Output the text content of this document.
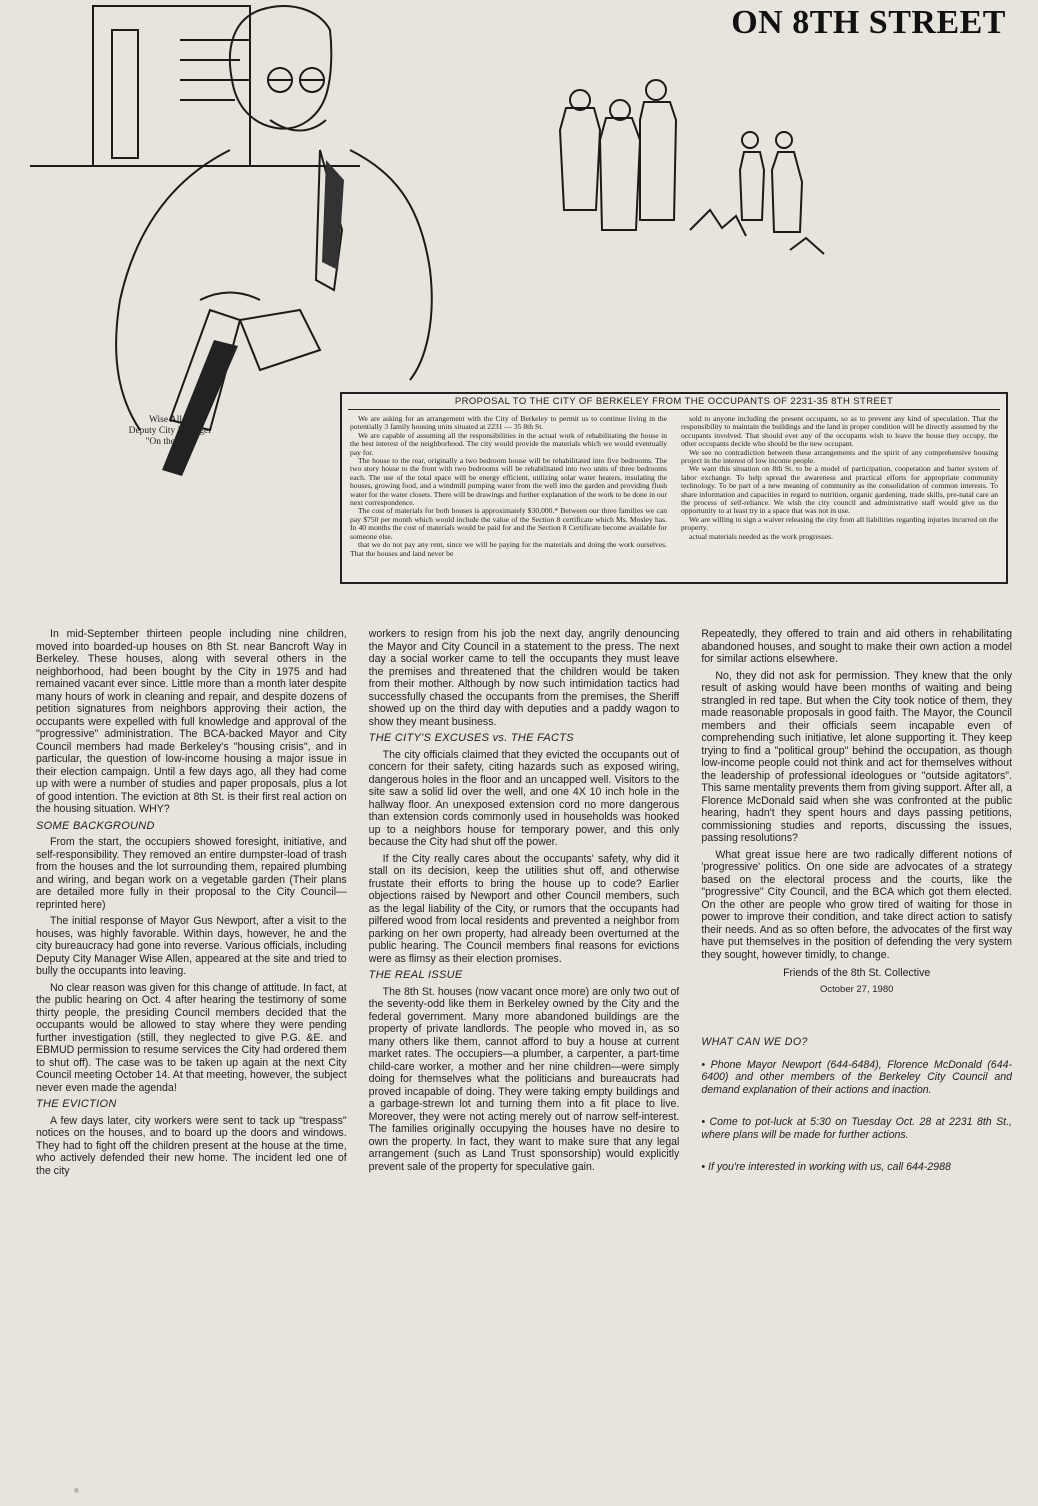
ON 8TH STREET
Wise Allen
Deputy City Manager
"On the Job"
PROPOSAL TO THE CITY OF BERKELEY FROM THE OCCUPANTS OF 2231-35 8TH STREET

We are asking for an arrangement with the City of Berkeley to permit us to continue living in the potentially 3 family housing units situated at 2231 — 35 8th St.

We are capable of assuming all the responsibilities in the actual work of rehabilitating the house in the best interest of the neighborhood. The city would provide the materials which we would eventually pay for.

The house to the rear, originally a two bedroom house will be rehabilitated into five bedrooms. The two story house to the front with two bedrooms will be rehabilitated into two units of three bedrooms each. The use of the total space will be energy efficient, utilizing solar water heaters, insulating the houses, growing food, and a windmill pumping water from the well into the garden and providing flush water for the water closets. There will be drawings and further explanation of the work to be done in our next correspondence.

The cost of materials for both houses is approximately $30,000.* Between our three families we can pay $750 per month which would include the value of the Section 8 certificate which Ms. Mosley has. In 40 months the cost of materials would be paid for and the Section 8 Certificate become available for someone else.

that we do not pay any rent, since we will be paying for the materials and doing the work ourselves. That the houses and land never be

sold to anyone including the present occupants, so as to prevent any kind of speculation. That the responsibility to maintain the buildings and the land in proper condition will be directly assumed by the occupants involved. That should ever any of the occupants wish to leave the house they occupy, the other occupants decide who should be the new occupant.

We see no contradiction between these arrangements and the spirit of any comprehensive housing project in the interest of low income people.

We want this situation on 8th St. to be a model of participation, cooperation and barter system of labor exchange. To help spread the awareness and practical efforts for appropriate community technology. To be part of a new meaning of community as the consolidation of common interests. To share information and capacities in regard to nutrition, organic gardening, trade skills, pre-natal care an the process of self-reliance. We wish the city council and administrative staff would give us the opportunity to at least try in a space that was not in use.

We are willing to sign a waiver releasing the city from all liabilities regarding injuries incurred on the property.

actual materials needed as the work progresses.

In mid-September thirteen people including nine children, moved into boarded-up houses on 8th St. near Bancroft Way in Berkeley. These houses, along with several others in the neighborhood, had been bought by the City in 1975 and had remained vacant ever since. Little more than a month later despite many hours of work in cleaning and repair, and despite dozens of petition signatures from neighbors approving their action, the occupants were expelled with full knowledge and approval of the "progressive" administration. The BCA-backed Mayor and City Council members had made Berkeley's "housing crisis", and in particular, the question of low-income housing a major issue in their election campaign. Until a few days ago, all they had come up with were a number of studies and paper proposals, plus a lot of good intention. The eviction at 8th St. is their first real action on the housing situation. WHY?

SOME BACKGROUND

From the start, the occupiers showed foresight, initiative, and self-responsibility. They removed an entire dumpster-load of trash from the houses and the lot surrounding them, repaired plumbing and wiring, and began work on a vegetable garden (Their plans are detailed more fully in their proposal to the City Council—reprinted here)

The initial response of Mayor Gus Newport, after a visit to the houses, was highly favorable. Within days, however, he and the city bureaucracy had gone into reverse. Various officials, including Deputy City Manager Wise Allen, appeared at the site and tried to bully the occupants into leaving.

No clear reason was given for this change of attitude. In fact, at the public hearing on Oct. 4 after hearing the testimony of some thirty people, the presiding Council members decided that the occupants would be allowed to stay where they were pending further investigation (still, they neglected to give P.G. &E. and EBMUD permission to resume services the City had ordered them to shut off). The case was to be taken up again at the next City Council meeting October 14. At that meeting, however, the subject never even made the agenda!

THE EVICTION

A few days later, city workers were sent to tack up "trespass" notices on the houses, and to board up the doors and windows. They had to fight off the children present at the house at the time, who actively defended their new home. The incident led one of the city

workers to resign from his job the next day, angrily denouncing the Mayor and City Council in a statement to the press. The next day a social worker came to tell the occupants they must leave the premises and threatened that the children would be taken from their mother. Although by now such intimidation tactics had successfully chased the occupants from the premises, the Sheriff showed up on the third day with deputies and a paddy wagon to show they meant business.

THE CITY'S EXCUSES vs. THE FACTS

The city officials claimed that they evicted the occupants out of concern for their safety, citing hazards such as exposed wiring, dangerous holes in the floor and an uncapped well. Visitors to the site saw a solid lid over the well, and one 4X 10 inch hole in the hallway floor. An unexposed extension cord no more dangerous than extension cords commonly used in households was hooked up to a neighbors house for temporary power, and this only because the City had shut off the power.

If the City really cares about the occupants' safety, why did it stall on its decision, keep the utilities shut off, and otherwise frustate their efforts to bring the house up to code? Earlier objections raised by Newport and other Council members, such as the legal liability of the City, or rumors that the occupants had pilfered wood from local residents and prevented a neighbor from parking on her own property, had already been overturned at the public hearing. The Council members final reasons for evictions were as flimsy as their election promises.

THE REAL ISSUE

The 8th St. houses (now vacant once more) are only two out of the seventy-odd like them in Berkeley owned by the City and the federal government. Many more abandoned buildings are the property of private landlords. The people who moved in, as so many others like them, cannot afford to buy a house at current market rates. The occupiers—a plumber, a carpenter, a part-time child-care worker, a mother and her nine children—were simply doing for themselves what the politicians and bureaucrats had proved incapable of doing. They were taking empty buildings and a garbage-strewn lot and turning them into a fit place to live. Moreover, they were not acting merely out of narrow self-interest. The families originally occupying the houses have no desire to own the property. In fact, they want to make sure that any legal arrangement (such as Land Trust sponsorship) would explicitly prevent sale of the property for speculative gain.

Repeatedly, they offered to train and aid others in rehabilitating abandoned houses, and sought to make their own action a model for similar actions elsewhere.

No, they did not ask for permission. They knew that the only result of asking would have been months of waiting and being strangled in red tape. But when the City took notice of them, they made reasonable proposals in good faith. The Mayor, the Council members and their officials seem incapable even of comprehending such initiative, let alone supporting it. They keep trying to find a "political group" behind the occupation, as though low-income people could not think and act for themselves without the leadership of professional ideologues or "outside agitators". This same mentality prevents them from giving support. After all, a Florence McDonald said when she was confronted at the public hearing, hadn't they spent hours and days passing petitions, commissioning studies and reports, discussing the issues, passing resolutions?

What great issue here are two radically different notions of 'progressive' politics. On one side are advocates of a strategy based on the electoral process and the courts, like the "progressive" City Council, and the BCA which got them elected. On the other are people who grow tired of waiting for those in power to improve their condition, and take direct action to satisfy their needs. And as so often before, the advocates of the first way have put themselves in the position of defending the very system they sought, however timidly, to change.

Friends of the 8th St. Collective
October 27, 1980
WHAT CAN WE DO?
• Phone Mayor Newport (644-6484), Florence McDonald (644-6400) and other members of the Berkeley City Council and demand explanation of their actions and inaction.
• Come to pot-luck at 5:30 on Tuesday Oct. 28 at 2231 8th St., where plans will be made for further actions.
• If you're interested in working with us, call 644-2988
